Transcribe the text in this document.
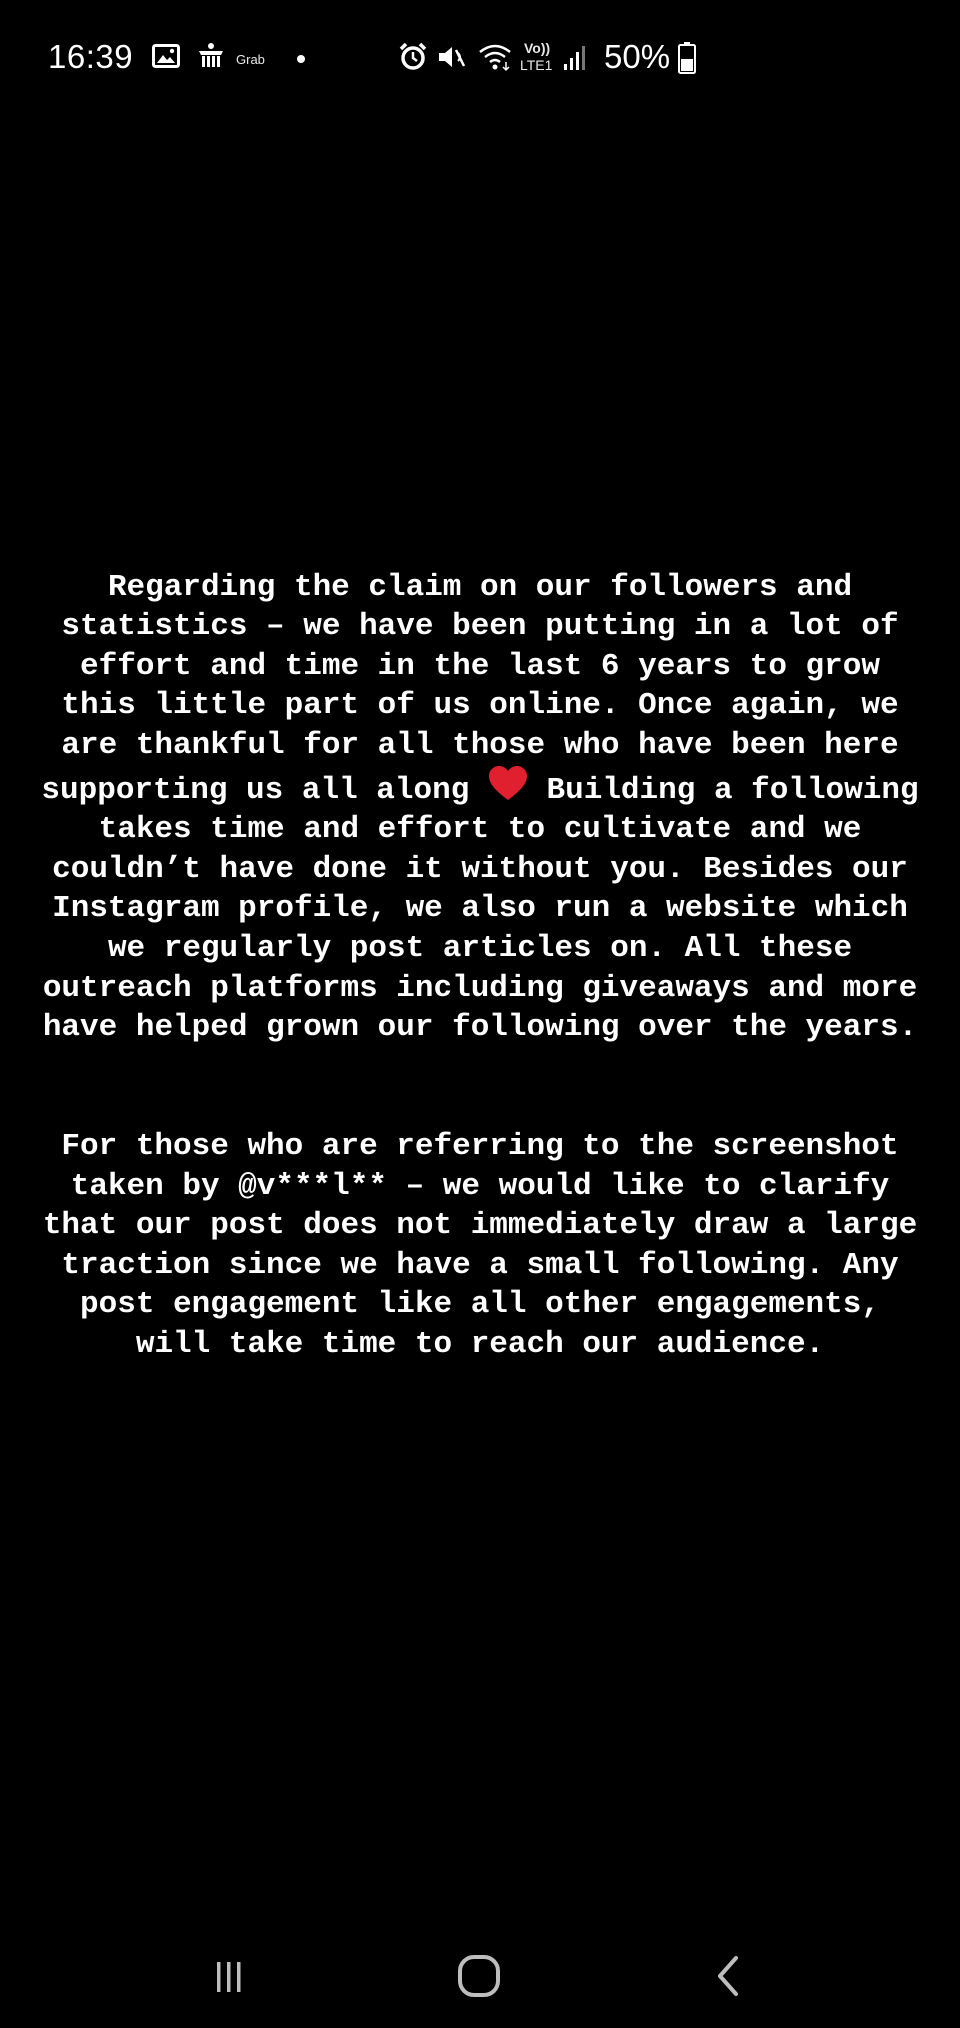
16:39	Grab
Vo))
LTE1 50%

Regarding the claim on our followers and statistics – we have been putting in a lot of effort and time in the last 6 years to grow this little part of us online. Once again, we are thankful for all those who have been here supporting us all along Building a following takes time and effort to cultivate and we couldn’t have done it without you. Besides our Instagram profile, we also run a website which we regularly post articles on. All these outreach platforms including giveaways and more have helped grown our following over the years.

For those who are referring to the screenshot taken by @v***l** – we would like to clarify that our post does not immediately draw a large traction since we have a small following. Any post engagement like all other engagements, will take time to reach our audience.
